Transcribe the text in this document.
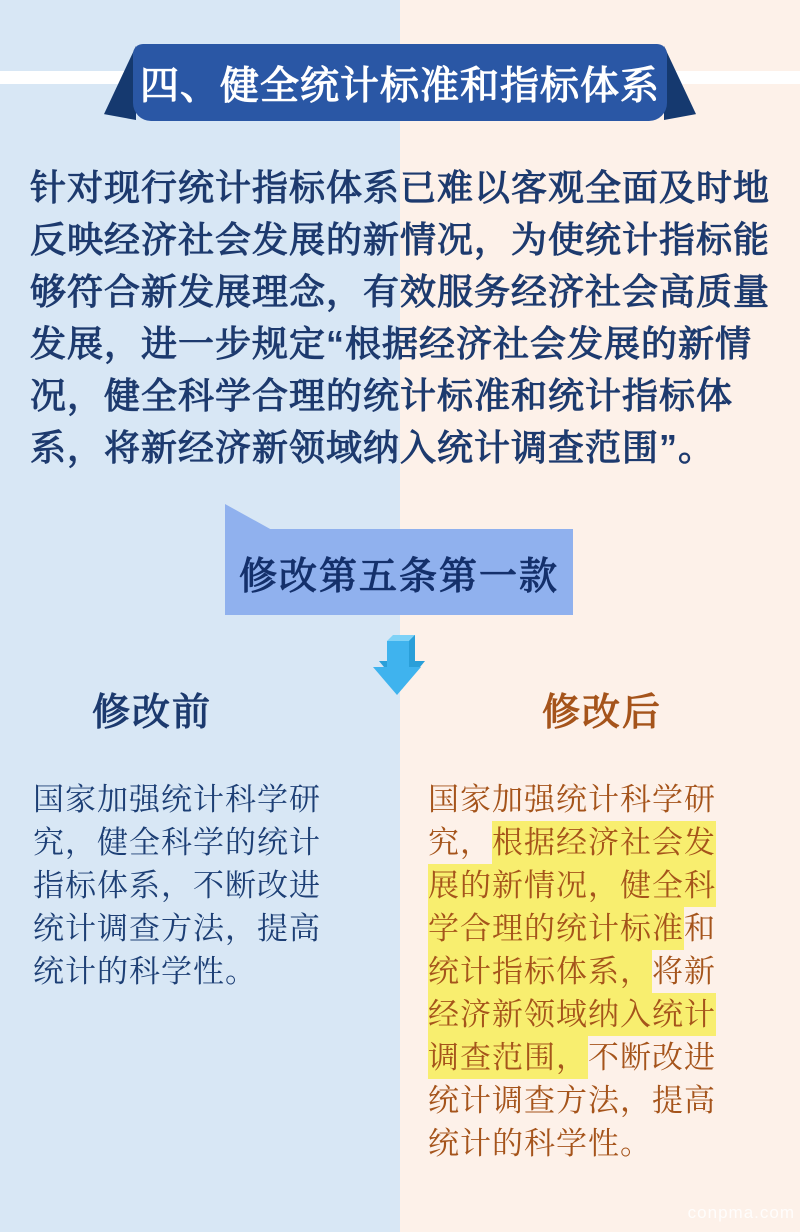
四、健全统计标准和指标体系
针对现行统计指标体系已难以客观全面及时地
反映经济社会发展的新情况，为使统计指标能
够符合新发展理念，有效服务经济社会高质量
发展，进一步规定“根据经济社会发展的新情
况，健全科学合理的统计标准和统计指标体
系，将新经济新领域纳入统计调查范围”。
修改第五条第一款
修改前	修改后
国家加强统计科学研
究，健全科学的统计
指标体系，不断改进
统计调查方法，提高
统计的科学性。
国家加强统计科学研
究，根据经济社会发
展的新情况，健全科
学合理的统计标准和
统计指标体系，将新
经济新领域纳入统计
调查范围，不断改进
统计调查方法，提高
统计的科学性。
conpma.com
